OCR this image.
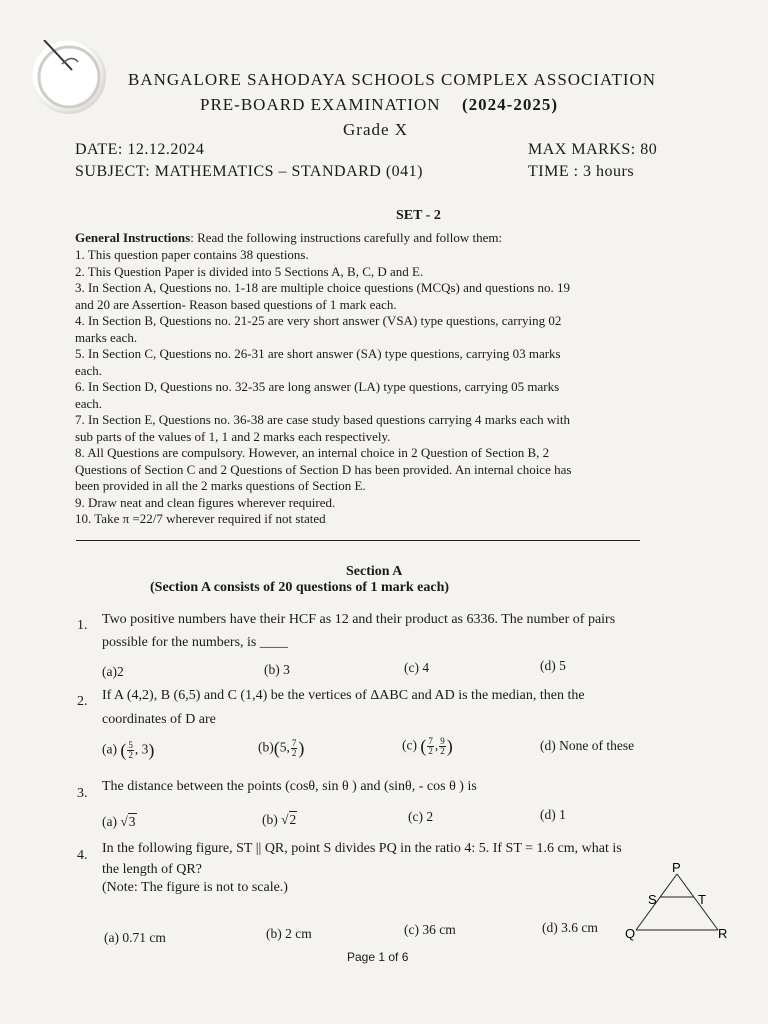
BANGALORE SAHODAYA SCHOOLS COMPLEX ASSOCIATION
PRE-BOARD EXAMINATION (2024-2025)
Grade X
DATE: 12.12.2024	MAX MARKS: 80
SUBJECT: MATHEMATICS – STANDARD (041)	TIME : 3 hours
SET - 2
General Instructions: Read the following instructions carefully and follow them:
1. This question paper contains 38 questions.
2. This Question Paper is divided into 5 Sections A, B, C, D and E.
3. In Section A, Questions no. 1-18 are multiple choice questions (MCQs) and questions no. 19
and 20 are Assertion- Reason based questions of 1 mark each.
4. In Section B, Questions no. 21-25 are very short answer (VSA) type questions, carrying 02
marks each.
5. In Section C, Questions no. 26-31 are short answer (SA) type questions, carrying 03 marks
each.
6. In Section D, Questions no. 32-35 are long answer (LA) type questions, carrying 05 marks
each.
7. In Section E, Questions no. 36-38 are case study based questions carrying 4 marks each with
sub parts of the values of 1, 1 and 2 marks each respectively.
8. All Questions are compulsory. However, an internal choice in 2 Question of Section B, 2
Questions of Section C and 2 Questions of Section D has been provided. An internal choice has
been provided in all the 2 marks questions of Section E.
9. Draw neat and clean figures wherever required.
10. Take π =22/7 wherever required if not stated
Section A
(Section A consists of 20 questions of 1 mark each)
1. Two positive numbers have their HCF as 12 and their product as 6336. The number of pairs
possible for the numbers, is ____
(a)2	(b) 3	(c) 4	(d) 5
2. If A (4,2), B (6,5) and C (1,4) be the vertices of ΔABC and AD is the median, then the
coordinates of D are
(a) ( $\frac{5}{2}$ , 3)	(b)(5, $\frac{7}{2}$ )	(c) ( $\frac{7}{2}$ , $\frac{9}{2}$ )	(d) None of these
3. The distance between the points (cosθ, sin θ ) and (sinθ, - cos θ ) is
(a) √3	(b) √2	(c) 2	(d) 1
4. In the following figure, ST || QR, point S divides PQ in the ratio 4: 5. If ST = 1.6 cm, what is
the length of QR?
(Note: The figure is not to scale.)
(a) 0.71 cm	(b) 2 cm	(c) 36 cm	(d) 3.6 cm
P
S	T
Q	R
Page 1 of 6
